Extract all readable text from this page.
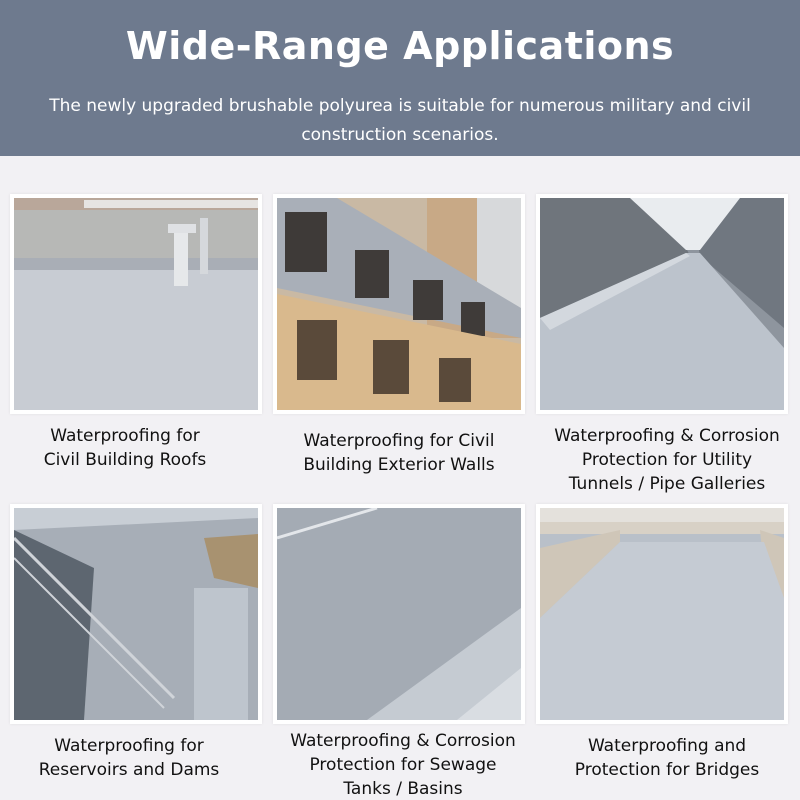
Wide-Range Applications

The newly upgraded brushable polyurea is suitable for numerous military and civil construction scenarios.

Waterproofing for
Civil Building Roofs
Waterproofing for Civil
Building Exterior Walls
Waterproofing & Corrosion
Protection for Utility
Tunnels / Pipe Galleries
Waterproofing for
Reservoirs and Dams
Waterproofing & Corrosion
Protection for Sewage
Tanks / Basins
Waterproofing and
Protection for Bridges
